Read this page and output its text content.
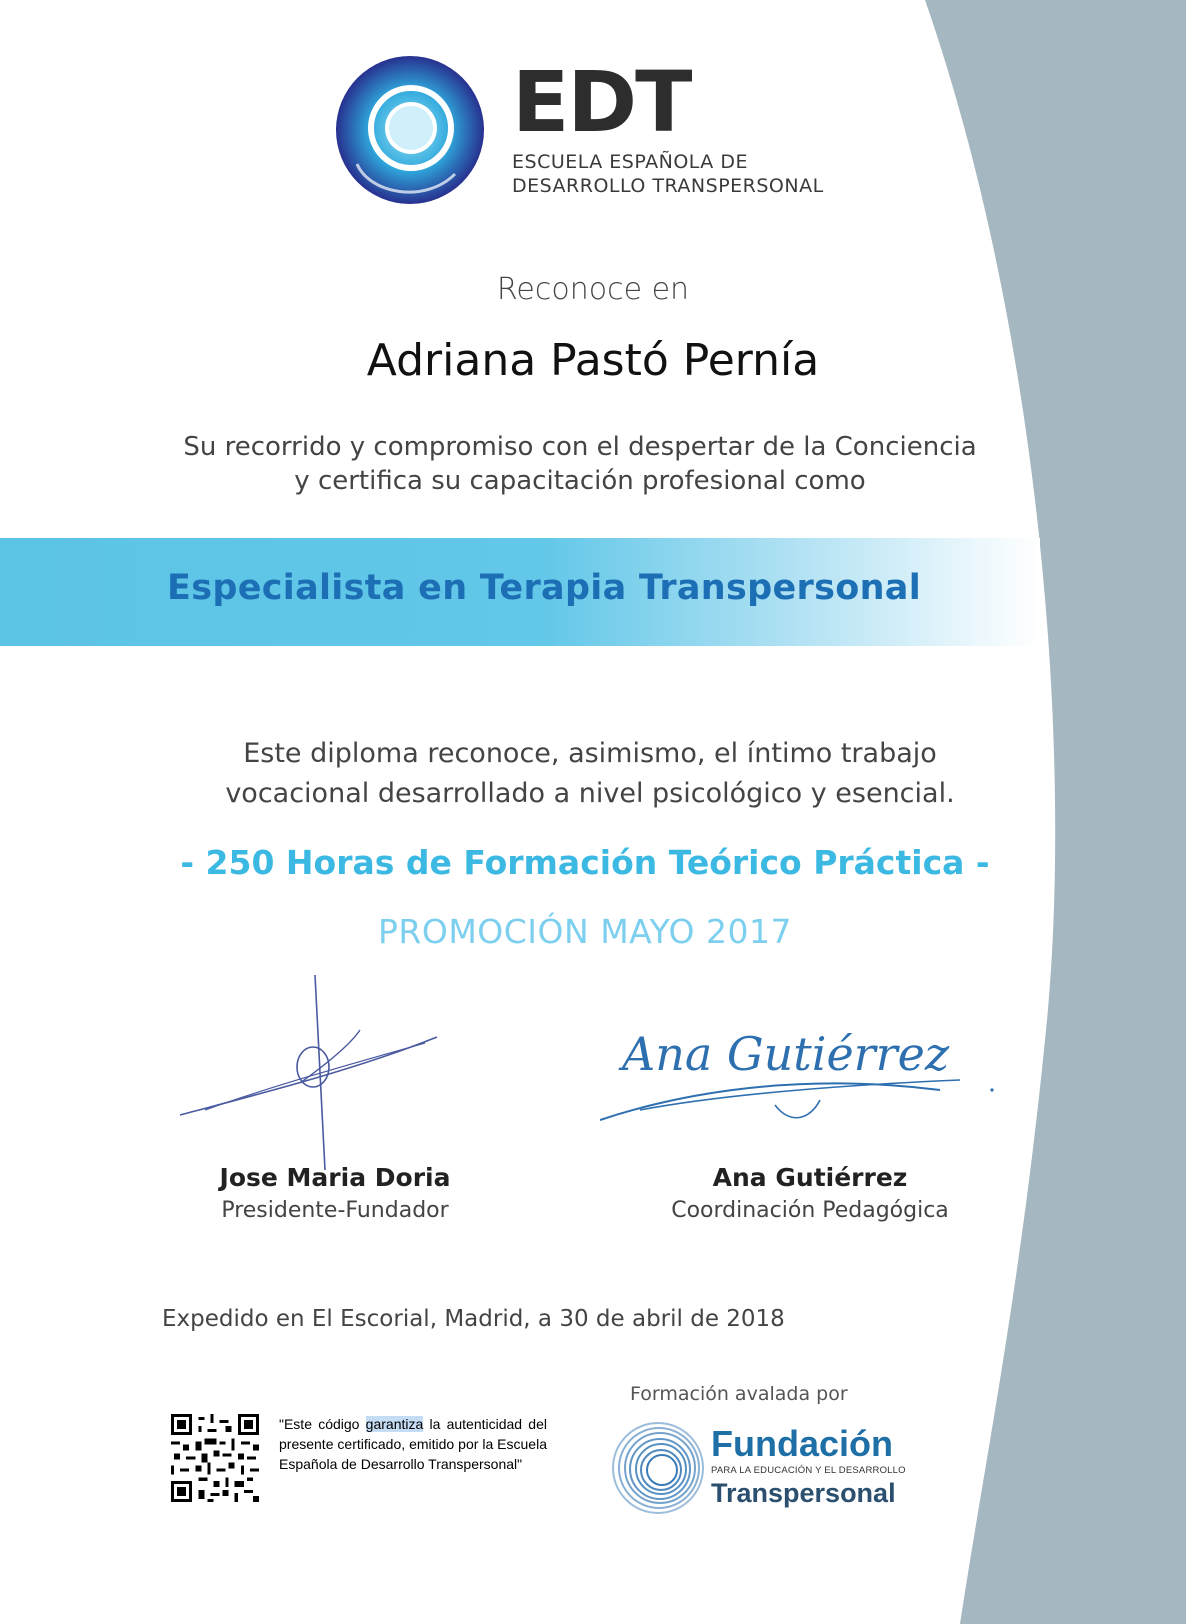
EDT
ESCUELA ESPAÑOLA DE
DESARROLLO TRANSPERSONAL
Reconoce en
Adriana Pastó Pernía
Su recorrido y compromiso con el despertar de la Conciencia
y certifica su capacitación profesional como
Especialista en Terapia Transpersonal
Este diploma reconoce, asimismo, el íntimo trabajo
vocacional desarrollado a nivel psicológico y esencial.
- 250 Horas de Formación Teórico Práctica -
PROMOCIÓN MAYO 2017
Ana Gutiérrez
Jose Maria Doria
Presidente-Fundador
Ana Gutiérrez
Coordinación Pedagógica
Expedido en El Escorial, Madrid, a 30 de abril de 2018
"Este código garantiza la autenticidad del presente certificado, emitido por la Escuela Española de Desarrollo Transpersonal"
Formación avalada por
Fundación
PARA LA EDUCACIÓN Y EL DESARROLLO
Transpersonal
